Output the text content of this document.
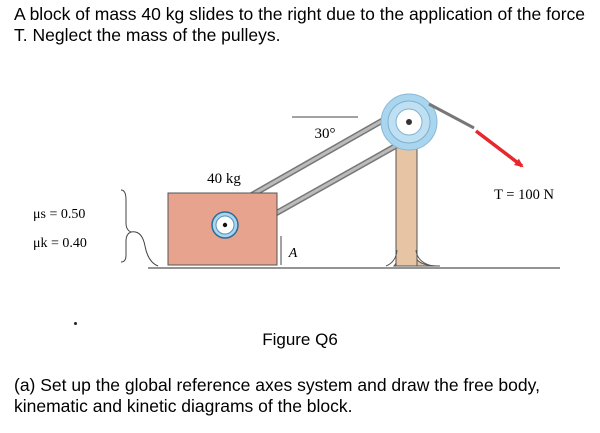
A block of mass 40 kg slides to the right due to the application of the force T. Neglect the mass of the pulleys.

30°
40 kg
T = 100 N
A
μs = 0.50
μk = 0.40

Figure Q6

(a) Set up the global reference axes system and draw the free body, kinematic and kinetic diagrams of the block.
